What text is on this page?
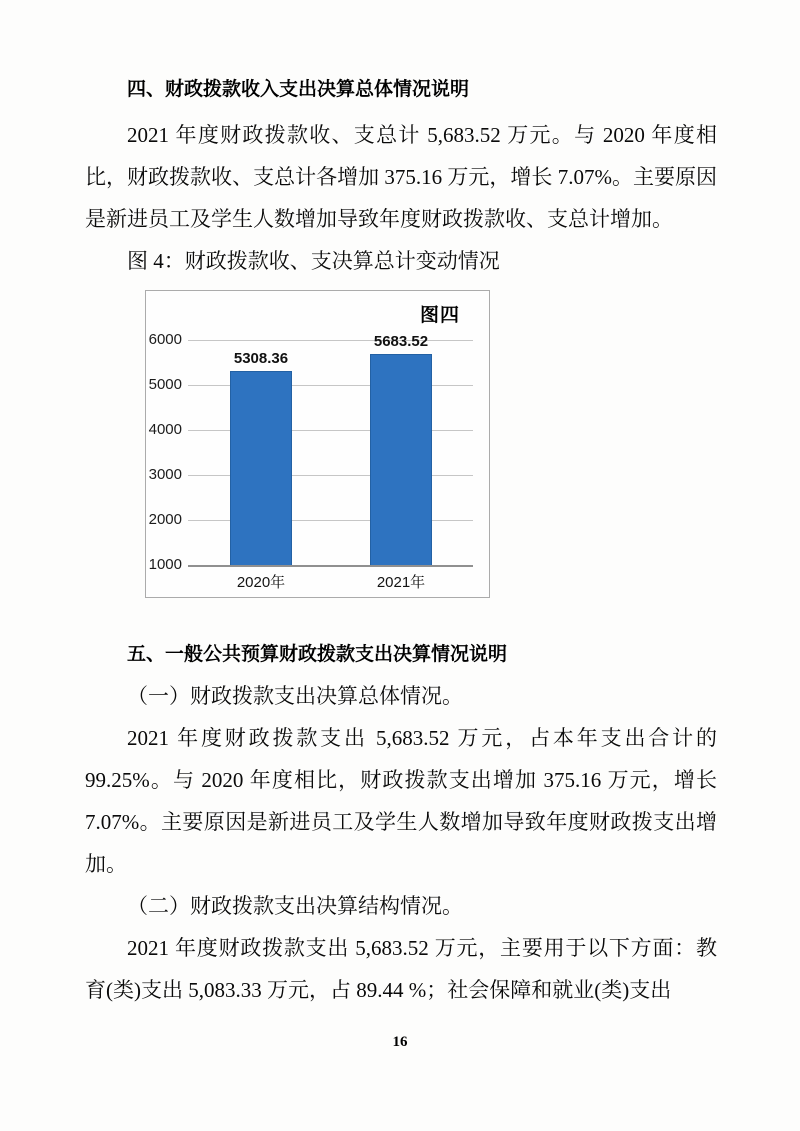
四、财政拨款收入支出决算总体情况说明

2021 年度财政拨款收、支总计 5,683.52 万元。与 2020 年度相比，财政拨款收、支总计各增加 375.16 万元，增长 7.07%。主要原因是新进员工及学生人数增加导致年度财政拨款收、支总计增加。

图 4：财政拨款收、支决算总计变动情况

图四
1000
2000
3000
4000
5000
6000
5308.36
2020年
5683.52
2021年
五、一般公共预算财政拨款支出决算情况说明

（一）财政拨款支出决算总体情况。

2021 年度财政拨款支出 5,683.52 万元，占本年支出合计的 99.25%。与 2020 年度相比，财政拨款支出增加 375.16 万元，增长 7.07%。主要原因是新进员工及学生人数增加导致年度财政拨支出增加。

（二）财政拨款支出决算结构情况。

2021 年度财政拨款支出 5,683.52 万元，主要用于以下方面：教育(类)支出 5,083.33 万元，占 89.44 %；社会保障和就业(类)支出

16
